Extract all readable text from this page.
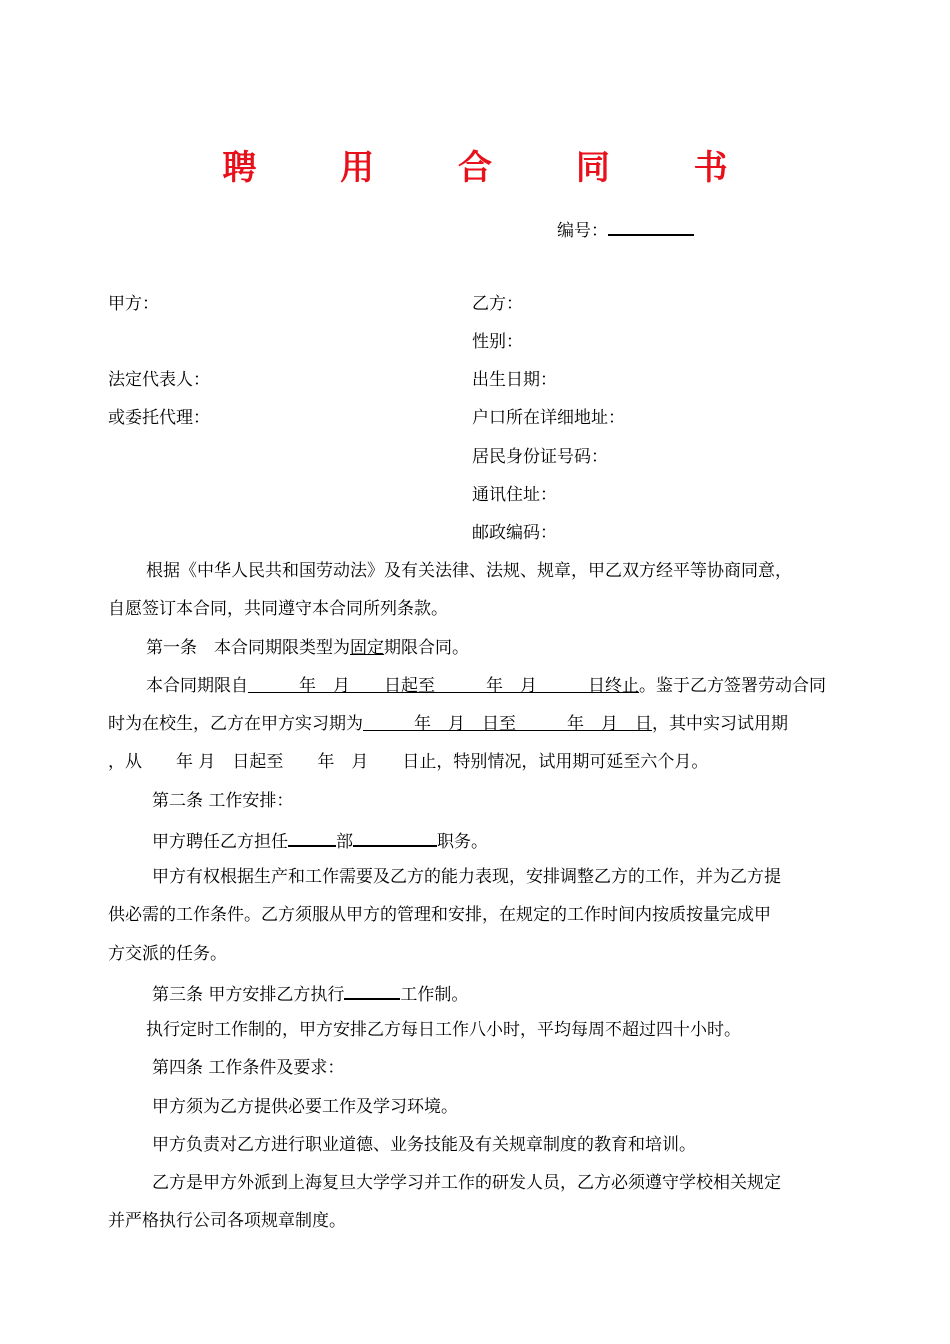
聘 用 合 同 书
编号：
甲方：
法定代表人：
或委托代理：
乙方：
性别：
出生日期：
户口所在详细地址：
居民身份证号码：
通讯住址：
邮政编码：
根据《中华人民共和国劳动法》及有关法律、法规、规章，甲乙双方经平等协商同意，
自愿签订本合同，共同遵守本合同所列条款。
第一条　本合同期限类型为固定期限合同。
本合同期限自　　　年　月　　日起至　　　年　月　　　日终止。鉴于乙方签署劳动合同
时为在校生，乙方在甲方实习期为　　　年　月　日至　　　年　月　日，其中实习试用期
，从　　年 月　日起至　　年　月　　日止，特别情况，试用期可延至六个月。
第二条 工作安排：
甲方聘任乙方担任	部	职务。
甲方有权根据生产和工作需要及乙方的能力表现，安排调整乙方的工作，并为乙方提
供必需的工作条件。乙方须服从甲方的管理和安排，在规定的工作时间内按质按量完成甲
方交派的任务。
第三条 甲方安排乙方执行	工作制。
执行定时工作制的，甲方安排乙方每日工作八小时，平均每周不超过四十小时。
第四条 工作条件及要求：
甲方须为乙方提供必要工作及学习环境。
甲方负责对乙方进行职业道德、业务技能及有关规章制度的教育和培训。
乙方是甲方外派到上海复旦大学学习并工作的研发人员，乙方必须遵守学校相关规定
并严格执行公司各项规章制度。
